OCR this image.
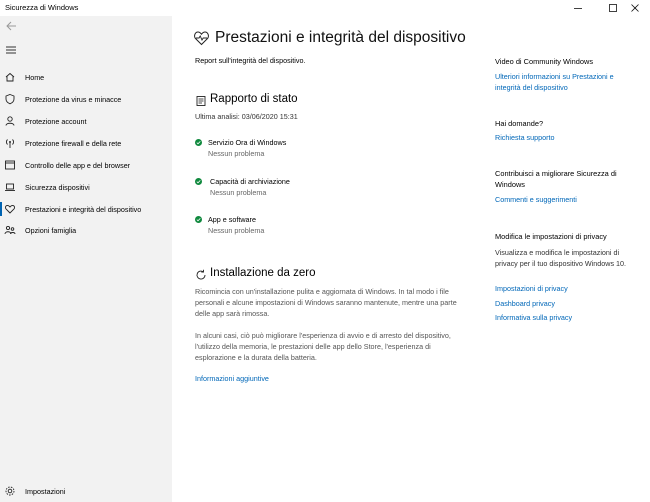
Sicurezza di Windows
Home
Protezione da virus e minacce
Protezione account
Protezione firewall e della rete
Controllo delle app e del browser
Sicurezza dispositivi
Prestazioni e integrità del dispositivo
Opzioni famiglia
Impostazioni
Prestazioni e integrità del dispositivo
Report sull'integrità del dispositivo.
Rapporto di stato
Ultima analisi: 03/06/2020 15:31
Servizio Ora di Windows
Nessun problema
Capacità di archiviazione
Nessun problema
App e software
Nessun problema
Installazione da zero
Ricomincia con un'installazione pulita e aggiornata di Windows. In tal modo i file personali e alcune impostazioni di Windows saranno mantenute, mentre una parte delle app sarà rimossa.
In alcuni casi, ciò può migliorare l'esperienza di avvio e di arresto del dispositivo, l'utilizzo della memoria, le prestazioni delle app dello Store, l'esperienza di esplorazione e la durata della batteria.
Informazioni aggiuntive
Video di Community Windows
Ulteriori informazioni su Prestazioni e integrità del dispositivo
Hai domande?
Richiesta supporto
Contribuisci a migliorare Sicurezza di Windows
Commenti e suggerimenti
Modifica le impostazioni di privacy
Visualizza e modifica le impostazioni di privacy per il tuo dispositivo Windows 10.
Impostazioni di privacy
Dashboard privacy
Informativa sulla privacy
